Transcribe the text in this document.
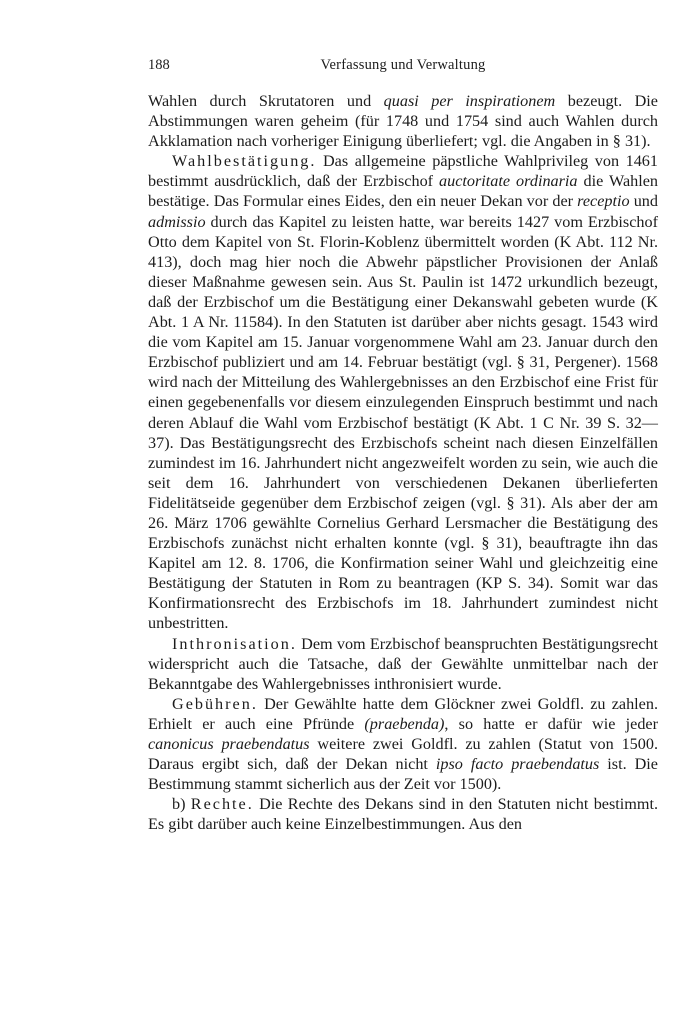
188	Verfassung und Verwaltung

Wahlen durch Skrutatoren und quasi per inspirationem bezeugt. Die Abstimmungen waren geheim (für 1748 und 1754 sind auch Wahlen durch Akklamation nach vorheriger Einigung überliefert; vgl. die Angaben in § 31).

Wahlbestätigung. Das allgemeine päpstliche Wahlprivileg von 1461 bestimmt ausdrücklich, daß der Erzbischof auctoritate ordinaria die Wahlen bestätige. Das Formular eines Eides, den ein neuer Dekan vor der receptio und admissio durch das Kapitel zu leisten hatte, war bereits 1427 vom Erzbischof Otto dem Kapitel von St. Florin-Koblenz übermittelt worden (K Abt. 112 Nr. 413), doch mag hier noch die Abwehr päpstlicher Provisionen der Anlaß dieser Maßnahme gewesen sein. Aus St. Paulin ist 1472 urkundlich bezeugt, daß der Erzbischof um die Bestätigung einer Dekanswahl gebeten wurde (K Abt. 1 A Nr. 11584). In den Statuten ist darüber aber nichts gesagt. 1543 wird die vom Kapitel am 15. Januar vorgenommene Wahl am 23. Januar durch den Erzbischof publiziert und am 14. Februar bestätigt (vgl. § 31, Pergener). 1568 wird nach der Mitteilung des Wahlergebnisses an den Erzbischof eine Frist für einen gegebenenfalls vor diesem einzulegenden Einspruch bestimmt und nach deren Ablauf die Wahl vom Erzbischof bestätigt (K Abt. 1 C Nr. 39 S. 32—37). Das Bestätigungsrecht des Erzbischofs scheint nach diesen Einzelfällen zumindest im 16. Jahrhundert nicht angezweifelt worden zu sein, wie auch die seit dem 16. Jahrhundert von verschiedenen Dekanen überlieferten Fidelitätseide gegenüber dem Erzbischof zeigen (vgl. § 31). Als aber der am 26. März 1706 gewählte Cornelius Gerhard Lersmacher die Bestätigung des Erzbischofs zunächst nicht erhalten konnte (vgl. § 31), beauftragte ihn das Kapitel am 12. 8. 1706, die Konfirmation seiner Wahl und gleichzeitig eine Bestätigung der Statuten in Rom zu beantragen (KP S. 34). Somit war das Konfirmationsrecht des Erzbischofs im 18. Jahrhundert zumindest nicht unbestritten.

Inthronisation. Dem vom Erzbischof beanspruchten Bestätigungsrecht widerspricht auch die Tatsache, daß der Gewählte unmittelbar nach der Bekanntgabe des Wahlergebnisses inthronisiert wurde.

Gebühren. Der Gewählte hatte dem Glöckner zwei Goldfl. zu zahlen. Erhielt er auch eine Pfründe (praebenda), so hatte er dafür wie jeder canonicus praebendatus weitere zwei Goldfl. zu zahlen (Statut von 1500. Daraus ergibt sich, daß der Dekan nicht ipso facto praebendatus ist. Die Bestimmung stammt sicherlich aus der Zeit vor 1500).

b) Rechte. Die Rechte des Dekans sind in den Statuten nicht bestimmt. Es gibt darüber auch keine Einzelbestimmungen. Aus den
